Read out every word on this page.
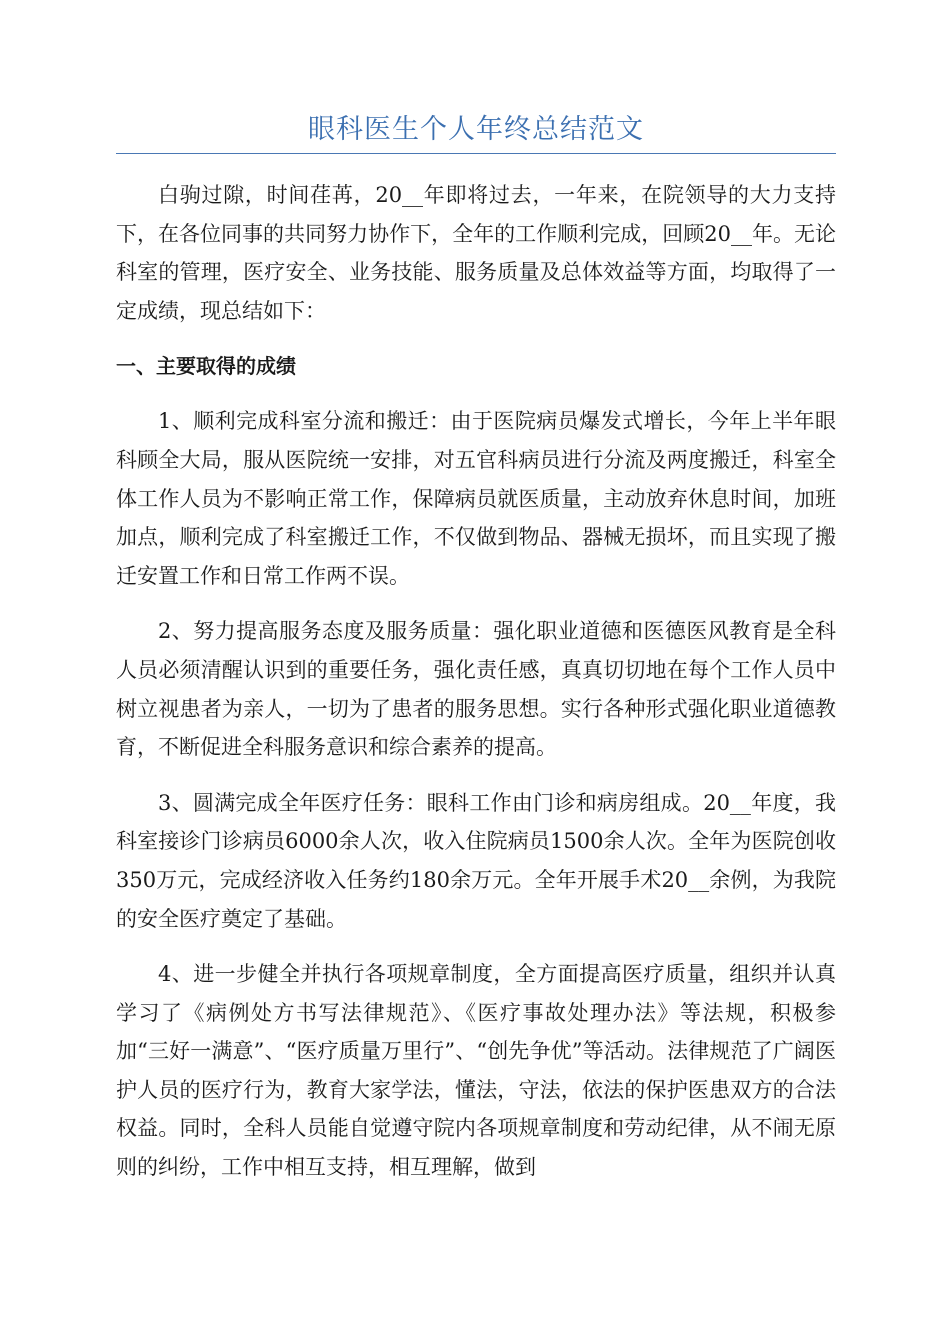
眼科医生个人年终总结范文

白驹过隙，时间荏苒，20__年即将过去，一年来，在院领导的大力支持下，在各位同事的共同努力协作下，全年的工作顺利完成，回顾20__年。无论科室的管理，医疗安全、业务技能、服务质量及总体效益等方面，均取得了一定成绩，现总结如下：

一、主要取得的成绩

1、顺利完成科室分流和搬迁：由于医院病员爆发式增长，今年上半年眼科顾全大局，服从医院统一安排，对五官科病员进行分流及两度搬迁，科室全体工作人员为不影响正常工作，保障病员就医质量，主动放弃休息时间，加班加点，顺利完成了科室搬迁工作，不仅做到物品、器械无损坏，而且实现了搬迁安置工作和日常工作两不误。

2、努力提高服务态度及服务质量：强化职业道德和医德医风教育是全科人员必须清醒认识到的重要任务，强化责任感，真真切切地在每个工作人员中树立视患者为亲人，一切为了患者的服务思想。实行各种形式强化职业道德教育，不断促进全科服务意识和综合素养的提高。

3、圆满完成全年医疗任务：眼科工作由门诊和病房组成。20__年度，我科室接诊门诊病员6000余人次，收入住院病员1500余人次。全年为医院创收350万元，完成经济收入任务约180余万元。全年开展手术20__余例，为我院的安全医疗奠定了基础。

4、进一步健全并执行各项规章制度，全方面提高医疗质量，组织并认真学习了《病例处方书写法律规范》、《医疗事故处理办法》等法规，积极参加“三好一满意”、“医疗质量万里行”、“创先争优”等活动。法律规范了广阔医护人员的医疗行为，教育大家学法，懂法，守法，依法的保护医患双方的合法权益。同时，全科人员能自觉遵守院内各项规章制度和劳动纪律，从不闹无原则的纠纷，工作中相互支持，相互理解，做到
